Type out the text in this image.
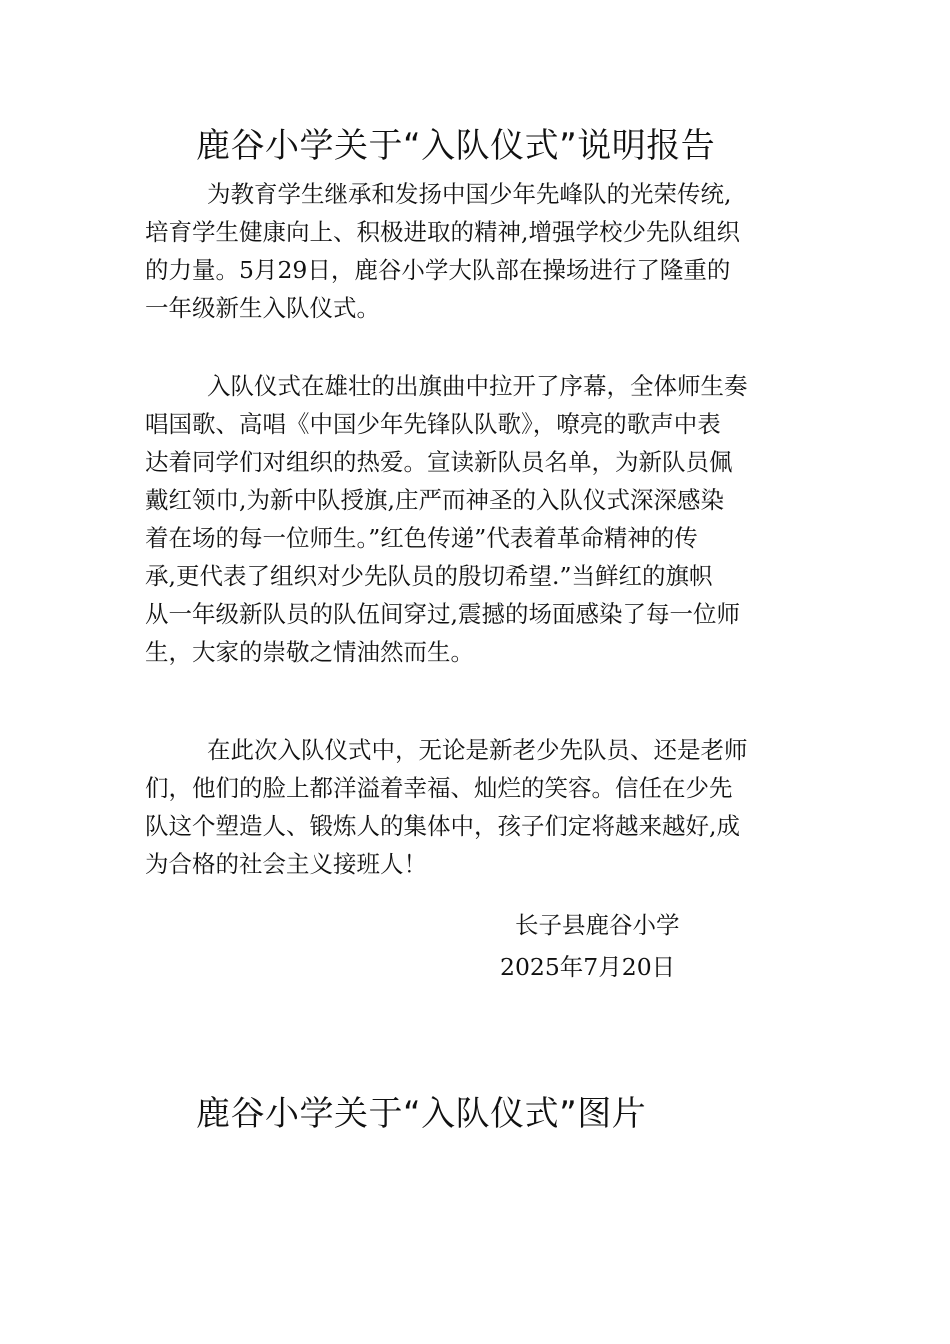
鹿谷小学关于“入队仪式”说明报告
为教育学生继承和发扬中国少年先峰队的光荣传统,
培育学生健康向上、积极进取的精神,增强学校少先队组织
的力量。5月29日，鹿谷小学大队部在操场进行了隆重的
一年级新生入队仪式。
入队仪式在雄壮的出旗曲中拉开了序幕，全体师生奏
唱国歌、高唱《中国少年先锋队队歌》，嘹亮的歌声中表
达着同学们对组织的热爱。宣读新队员名单，为新队员佩
戴红领巾,为新中队授旗,庄严而神圣的入队仪式深深感染
着在场的每一位师生。”红色传递”代表着革命精神的传
承,更代表了组织对少先队员的殷切希望.”当鲜红的旗帜
从一年级新队员的队伍间穿过,震撼的场面感染了每一位师
生，大家的崇敬之情油然而生。
在此次入队仪式中，无论是新老少先队员、还是老师
们，他们的脸上都洋溢着幸福、灿烂的笑容。信任在少先
队这个塑造人、锻炼人的集体中，孩子们定将越来越好,成
为合格的社会主义接班人！

长子县鹿谷小学

2025年7月20日

鹿谷小学关于“入队仪式”图片
